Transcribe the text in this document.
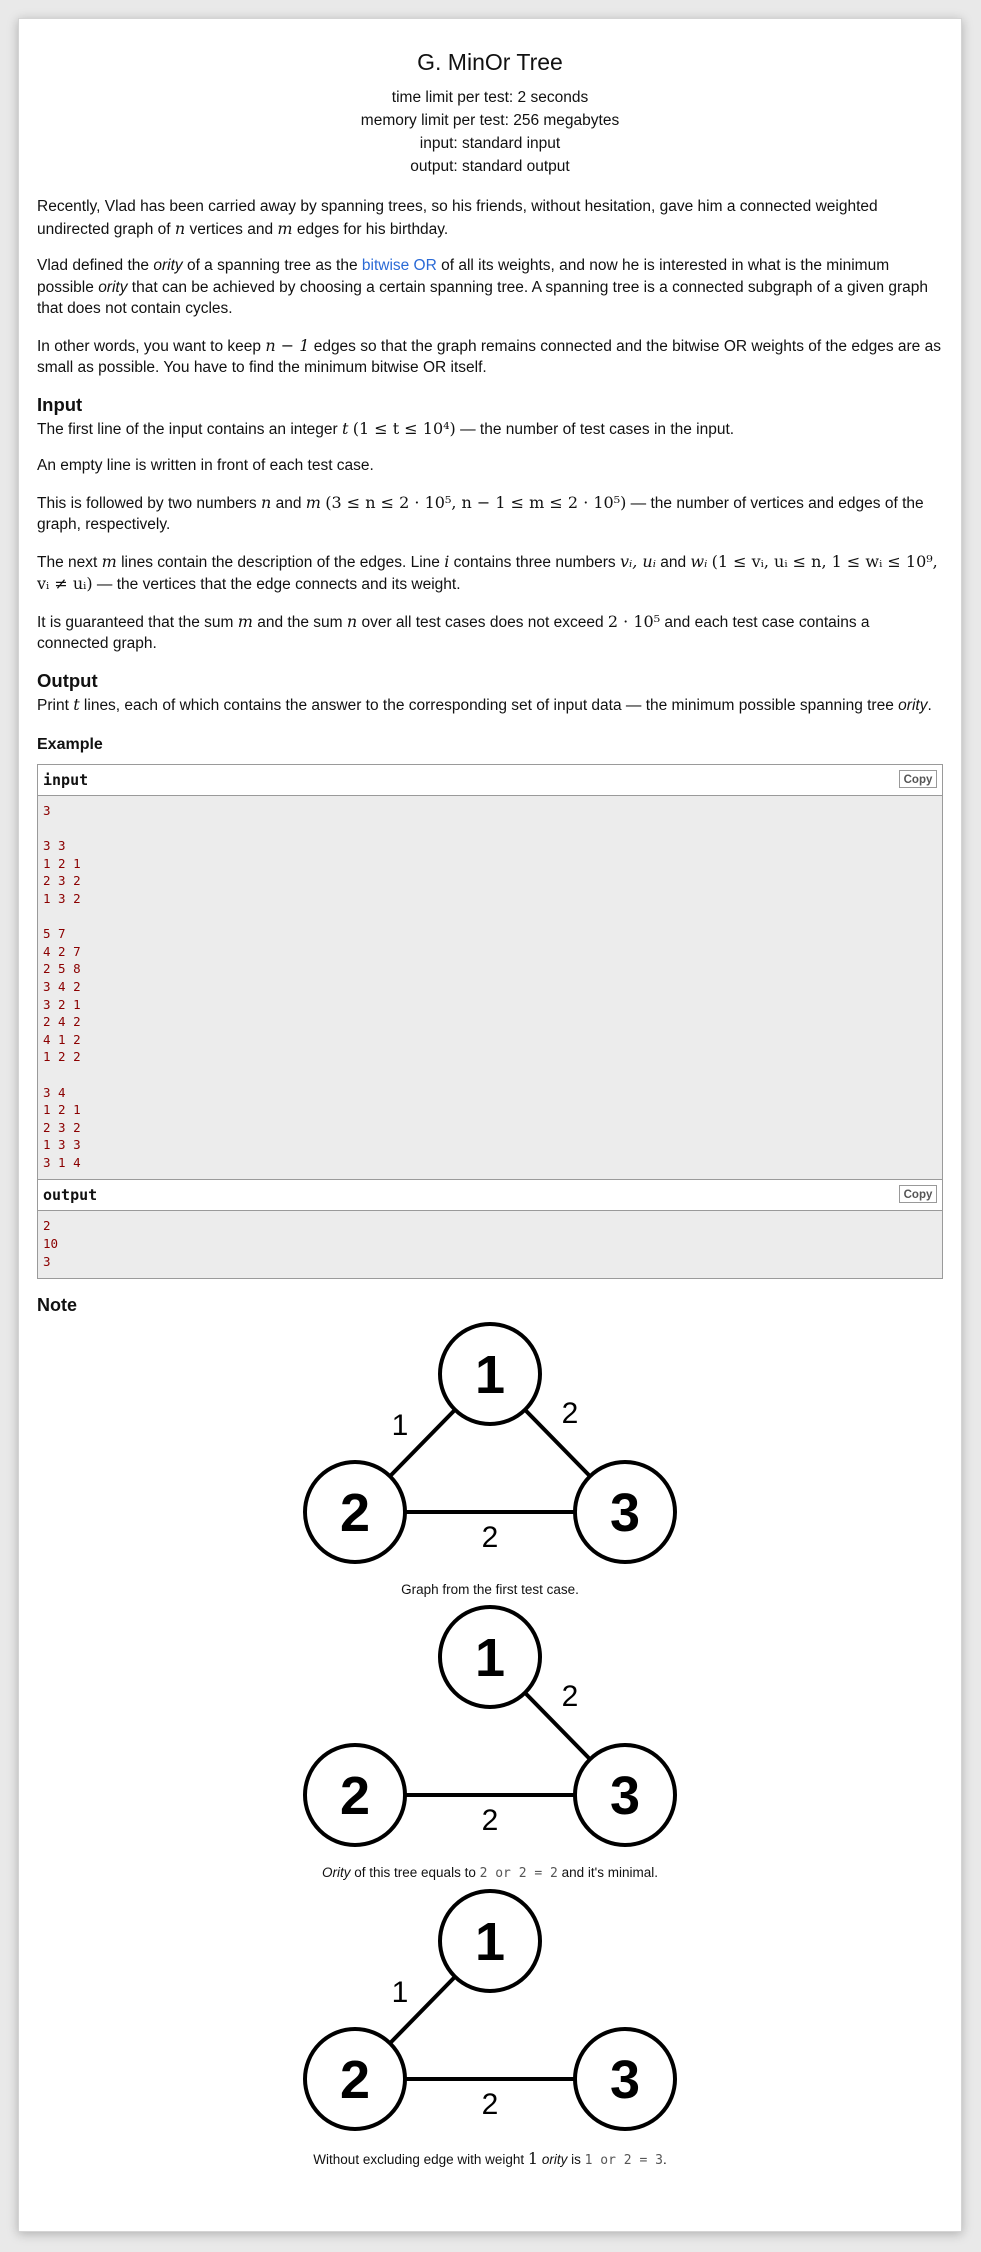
G. MinOr Tree
time limit per test: 2 seconds
memory limit per test: 256 megabytes
input: standard input
output: standard output

Recently, Vlad has been carried away by spanning trees, so his friends, without hesitation, gave him a connected weighted undirected graph of n vertices and m edges for his birthday.

Vlad defined the ority of a spanning tree as the bitwise OR of all its weights, and now he is interested in what is the minimum possible ority that can be achieved by choosing a certain spanning tree. A spanning tree is a connected subgraph of a given graph that does not contain cycles.

In other words, you want to keep n − 1 edges so that the graph remains connected and the bitwise OR weights of the edges are as small as possible. You have to find the minimum bitwise OR itself.

Input

The first line of the input contains an integer t (1 ≤ t ≤ 10⁴) — the number of test cases in the input.

An empty line is written in front of each test case.

This is followed by two numbers n and m (3 ≤ n ≤ 2 · 10⁵, n − 1 ≤ m ≤ 2 · 10⁵) — the number of vertices and edges of the graph, respectively.

The next m lines contain the description of the edges. Line i contains three numbers vᵢ, uᵢ and wᵢ (1 ≤ vᵢ, uᵢ ≤ n, 1 ≤ wᵢ ≤ 10⁹, vᵢ ≠ uᵢ) — the vertices that the edge connects and its weight.

It is guaranteed that the sum m and the sum n over all test cases does not exceed 2 · 10⁵ and each test case contains a connected graph.

Output

Print t lines, each of which contains the answer to the corresponding set of input data — the minimum possible spanning tree ority.

Example
input	Copy
3
3 3
1 2 1
2 3 2
1 3 2
5 7
4 2 7
2 5 8
3 4 2
3 2 1
2 4 2
4 1 2
1 2 2
3 4
1 2 1
2 3 2
1 3 3
3 1 4
output	Copy
2
10
3
Note
1	2
2
1
2	3
Graph from the first test case.
2
2
1
2	3
Ority of this tree equals to 2 or 2 = 2 and it's minimal.
1
2
1
2	3
Without excluding edge with weight 1 ority is 1 or 2 = 3.
